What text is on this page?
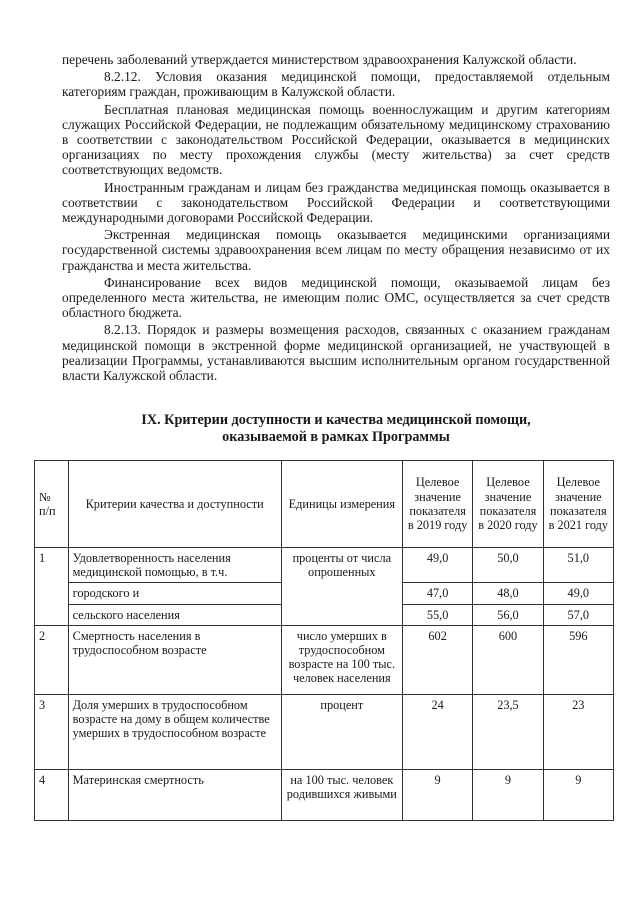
перечень заболеваний утверждается министерством здравоохранения Калужской области.

8.2.12. Условия оказания медицинской помощи, предоставляемой отдельным категориям граждан, проживающим в Калужской области.

Бесплатная плановая медицинская помощь военнослужащим и другим категориям служащих Российской Федерации, не подлежащим обязательному медицинскому страхованию в соответствии с законодательством Российской Федерации, оказывается в медицинских организациях по месту прохождения службы (месту жительства) за счет средств соответствующих ведомств.

Иностранным гражданам и лицам без гражданства медицинская помощь оказывается в соответствии с законодательством Российской Федерации и соответствующими международными договорами Российской Федерации.

Экстренная медицинская помощь оказывается медицинскими организациями государственной системы здравоохранения всем лицам по месту обращения независимо от их гражданства и места жительства.

Финансирование всех видов медицинской помощи, оказываемой лицам без определенного места жительства, не имеющим полис ОМС, осуществляется за счет средств областного бюджета.

8.2.13. Порядок и размеры возмещения расходов, связанных с оказанием гражданам медицинской помощи в экстренной форме медицинской организацией, не участвующей в реализации Программы, устанавливаются высшим исполнительным органом государственной власти Калужской области.

IX. Критерии доступности и качества медицинской помощи,
оказываемой в рамках Программы
№ п/п	Критерии качества и доступности	Единицы измерения	Целевое значение показателя в 2019 году	Целевое значение показателя в 2020 году	Целевое значение показателя в 2021 году
1	Удовлетворенность населения медицинской помощью, в т.ч.	проценты от числа опрошенных	49,0	50,0	51,0
	городского и		47,0	48,0	49,0
	сельского населения		55,0	56,0	57,0
2	Смертность населения в трудоспособном возрасте	число умерших в трудоспособном возрасте на 100 тыс. человек населения	602	600	596
3	Доля умерших в трудоспособном возрасте на дому в общем количестве умерших в трудоспособном возрасте	процент	24	23,5	23
4	Материнская смертность	на 100 тыс. человек родившихся живыми	9	9	9
